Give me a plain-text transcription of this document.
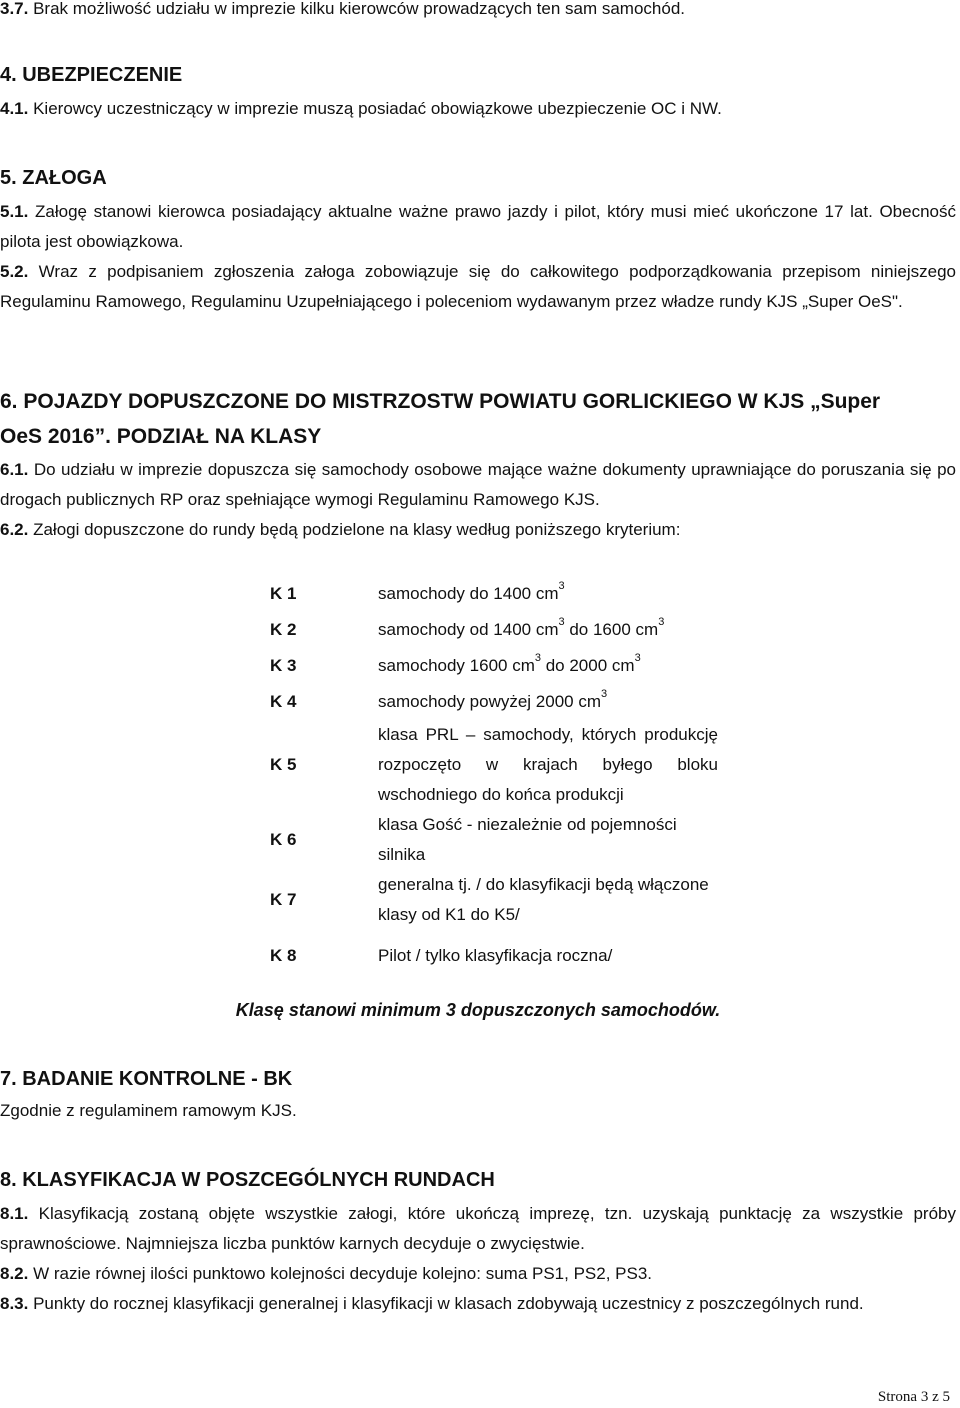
3.7. Brak możliwość udziału w imprezie kilku kierowców prowadzących ten sam samochód.

4. UBEZPIECZENIE

4.1. Kierowcy uczestniczący w imprezie muszą posiadać obowiązkowe ubezpieczenie OC i NW.

5. ZAŁOGA

5.1. Załogę stanowi kierowca posiadający aktualne ważne prawo jazdy i pilot, który musi mieć ukończone 17 lat. Obecność pilota jest obowiązkowa.

5.2. Wraz z podpisaniem zgłoszenia załoga zobowiązuje się do całkowitego podporządkowania przepisom niniejszego Regulaminu Ramowego, Regulaminu Uzupełniającego i poleceniom wydawanym przez władze rundy KJS „Super OeS".

6. POJAZDY DOPUSZCZONE DO MISTRZOSTW POWIATU GORLICKIEGO W KJS „Super
OeS 2016”. PODZIAŁ NA KLASY

6.1. Do udziału w imprezie dopuszcza się samochody osobowe mające ważne dokumenty uprawniające do poruszania się po drogach publicznych RP oraz spełniające wymogi Regulaminu Ramowego KJS.

6.2. Załogi dopuszczone do rundy będą podzielone na klasy według poniższego kryterium:

K 1	samochody do 1400 $cm^3$
K 2	samochody od 1400 $cm^3$ do 1600 $cm^3$
K 3	samochody 1600 $cm^3$ do 2000 $cm^3$
K 4	samochody powyżej 2000 $cm^3$
K 5	klasa PRL – samochody, których produkcję rozpoczęto w krajach byłego bloku wschodniego do końca produkcji
K 6	klasa Gość - niezależnie od pojemności silnika
K 7	generalna tj. / do klasyfikacji będą włączone klasy od K1 do K5/
K 8	Pilot / tylko klasyfikacja roczna/
Klasę stanowi minimum 3 dopuszczonych samochodów.
7. BADANIE KONTROLNE - BK

Zgodnie z regulaminem ramowym KJS.

8. KLASYFIKACJA W POSZCEGÓLNYCH RUNDACH

8.1. Klasyfikacją zostaną objęte wszystkie załogi, które ukończą imprezę, tzn. uzyskają punktację za wszystkie próby sprawnościowe. Najmniejsza liczba punktów karnych decyduje o zwycięstwie.

8.2. W razie równej ilości punktowo kolejności decyduje kolejno: suma PS1, PS2, PS3.

8.3. Punkty do rocznej klasyfikacji generalnej i klasyfikacji w klasach zdobywają uczestnicy z poszczególnych rund.

Strona 3 z 5
